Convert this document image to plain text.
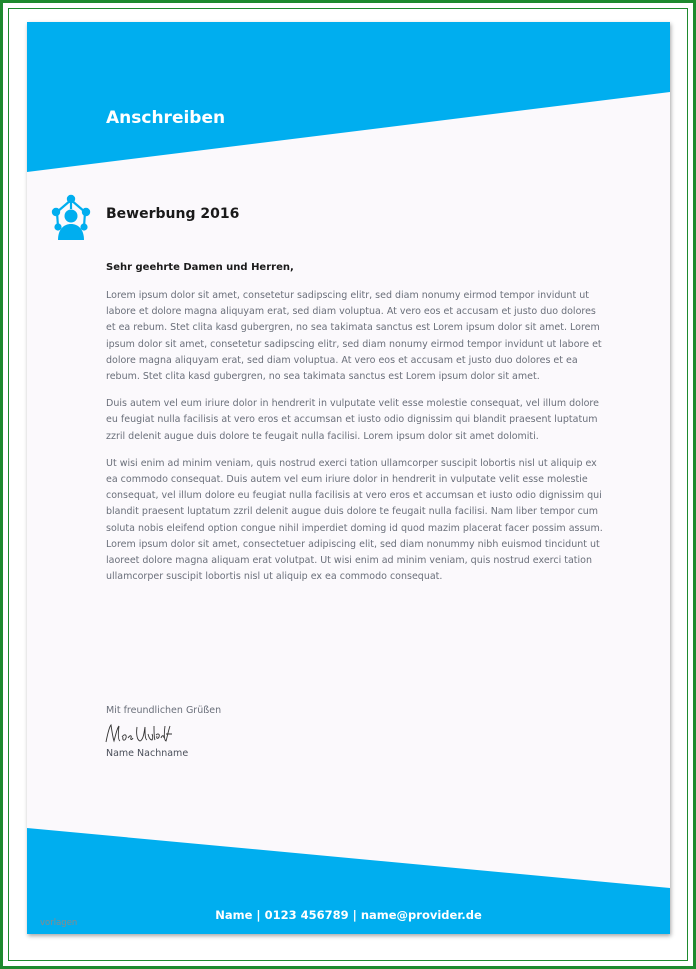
Anschreiben
Bewerbung 2016
Sehr geehrte Damen und Herren,

Lorem ipsum dolor sit amet, consetetur sadipscing elitr, sed diam nonumy eirmod tempor invidunt ut labore et dolore magna aliquyam erat, sed diam voluptua. At vero eos et accusam et justo duo dolores et ea rebum. Stet clita kasd gubergren, no sea takimata sanctus est Lorem ipsum dolor sit amet. Lorem ipsum dolor sit amet, consetetur sadipscing elitr, sed diam nonumy eirmod tempor invidunt ut labore et dolore magna aliquyam erat, sed diam voluptua. At vero eos et accusam et justo duo dolores et ea rebum. Stet clita kasd gubergren, no sea takimata sanctus est Lorem ipsum dolor sit amet.

Duis autem vel eum iriure dolor in hendrerit in vulputate velit esse molestie consequat, vel illum dolore eu feugiat nulla facilisis at vero eros et accumsan et iusto odio dignissim qui blandit praesent luptatum zzril delenit augue duis dolore te feugait nulla facilisi. Lorem ipsum dolor sit amet dolomiti.

Ut wisi enim ad minim veniam, quis nostrud exerci tation ullamcorper suscipit lobortis nisl ut aliquip ex ea commodo consequat. Duis autem vel eum iriure dolor in hendrerit in vulputate velit esse molestie consequat, vel illum dolore eu feugiat nulla facilisis at vero eros et accumsan et iusto odio dignissim qui blandit praesent luptatum zzril delenit augue duis dolore te feugait nulla facilisi. Nam liber tempor cum soluta nobis eleifend option congue nihil imperdiet doming id quod mazim placerat facer possim assum. Lorem ipsum dolor sit amet, consectetuer adipiscing elit, sed diam nonummy nibh euismod tincidunt ut laoreet dolore magna aliquam erat volutpat. Ut wisi enim ad minim veniam, quis nostrud exerci tation ullamcorper suscipit lobortis nisl ut aliquip ex ea commodo consequat.

Mit freundlichen Grüßen
Name Nachname
Name | 0123 456789 | name@provider.de
vorlagen
